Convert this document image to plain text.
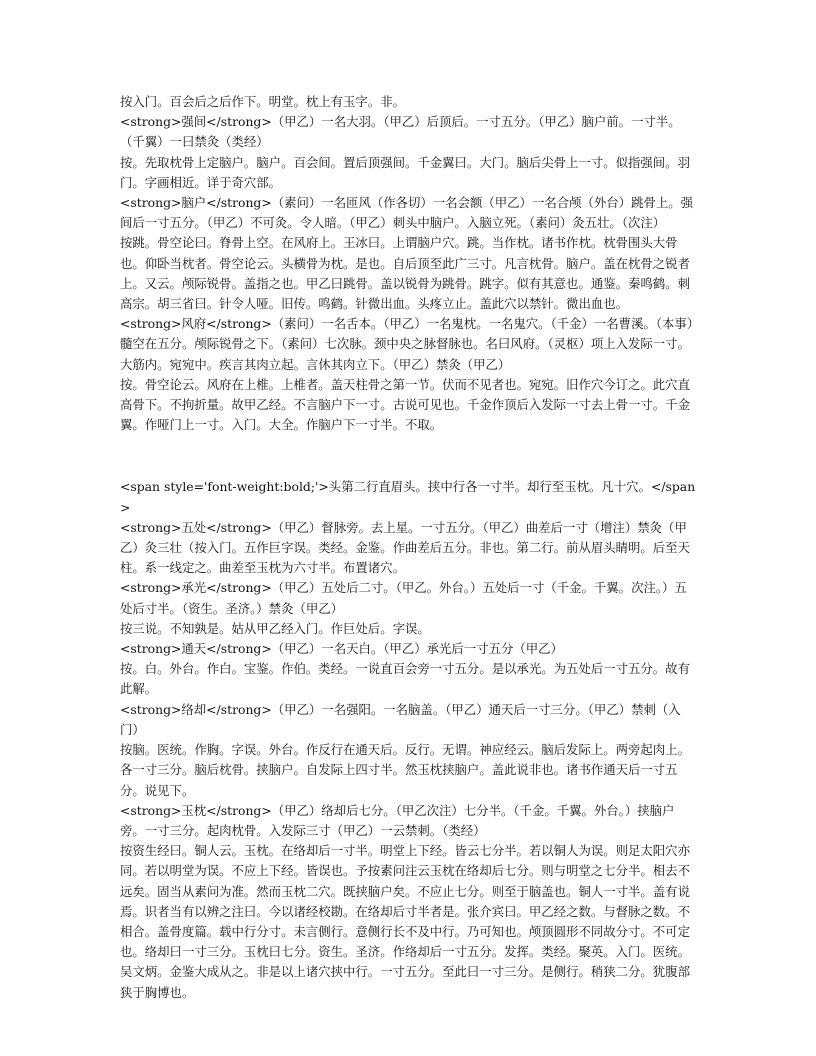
按入门。百会后之后作下。明堂。枕上有玉字。非。

<strong>强间</strong>（甲乙）一名大羽。（甲乙）后顶后。一寸五分。（甲乙）脑户前。一寸半。（千翼）一曰禁灸（类经）

按。先取枕骨上定脑户。脑户。百会间。置后顶强间。千金翼曰。大门。脑后尖骨上一寸。似指强间。羽门。字画相近。详于奇穴部。

<strong>脑户</strong>（素问）一名匝风（作各切）一名会额（甲乙）一名合颅（外台）跳骨上。强间后一寸五分。（甲乙）不可灸。令人暗。（甲乙）刺头中脑户。入脑立死。（素问）灸五壮。（次注）

按跳。骨空论曰。脊骨上空。在风府上。王冰曰。上谓脑户穴。跳。当作枕。诸书作枕。枕骨围头大骨也。仰卧当枕者。骨空论云。头横骨为枕。是也。自后顶至此广三寸。凡言枕骨。脑户。盖在枕骨之锐者上。又云。颅际锐骨。盖指之也。甲乙曰跳骨。盖以锐骨为跳骨。跳字。似有其意也。通鉴。秦鸣鹤。刺高宗。胡三省曰。针令人哑。旧传。鸣鹤。针微出血。头疼立止。盖此穴以禁针。微出血也。

<strong>风府</strong>（素问）一名舌本。（甲乙）一名鬼枕。一名鬼穴。（千金）一名曹溪。（本事）髓空在五分。颅际锐骨之下。（素问）七次脉。颈中央之脉督脉也。名曰风府。（灵枢）项上入发际一寸。大筋内。宛宛中。疾言其肉立起。言休其肉立下。（甲乙）禁灸（甲乙）

按。骨空论云。风府在上椎。上椎者。盖天柱骨之第一节。伏而不见者也。宛宛。旧作穴今订之。此穴直高骨下。不拘折量。故甲乙经。不言脑户下一寸。古说可见也。千金作顶后入发际一寸去上骨一寸。千金翼。作哑门上一寸。入门。大全。作脑户下一寸半。不取。

<span style='font-weight:bold;'>头第二行直眉头。挟中行各一寸半。却行至玉枕。凡十穴。</span>

<strong>五处</strong>（甲乙）督脉旁。去上星。一寸五分。（甲乙）曲差后一寸（增注）禁灸（甲乙）灸三壮（按入门。五作巨字误。类经。金鉴。作曲差后五分。非也。第二行。前从眉头睛明。后至天柱。系一线定之。曲差至玉枕为六寸半。布置诸穴。

<strong>承光</strong>（甲乙）五处后二寸。（甲乙。外台。）五处后一寸（千金。千翼。次注。）五处后寸半。（资生。圣济。）禁灸（甲乙）

按三说。不知孰是。姑从甲乙经入门。作巨处后。字误。

<strong>通天</strong>（甲乙）一名天白。（甲乙）承光后一寸五分（甲乙）

按。白。外台。作白。宝鉴。作伯。类经。一说直百会旁一寸五分。是以承光。为五处后一寸五分。故有此解。

<strong>络却</strong>（甲乙）一名强阳。一名脑盖。（甲乙）通天后一寸三分。（甲乙）禁刺（入门）

按脑。医统。作胸。字误。外台。作反行在通天后。反行。无谓。神应经云。脑后发际上。两旁起肉上。各一寸三分。脑后枕骨。挟脑户。自发际上四寸半。然玉枕挟脑户。盖此说非也。诸书作通天后一寸五分。说见下。

<strong>玉枕</strong>（甲乙）络却后七分。（甲乙次注）七分半。（千金。千翼。外台。）挟脑户旁。一寸三分。起肉枕骨。入发际三寸（甲乙）一云禁刺。（类经）

按资生经曰。铜人云。玉枕。在络却后一寸半。明堂上下经。皆云七分半。若以铜人为误。则足太阳穴亦同。若以明堂为误。不应上下经。皆误也。予按素问注云玉枕在络却后七分。则与明堂之七分半。相去不远矣。固当从素问为准。然而玉枕二穴。既挟脑户矣。不应止七分。则至于脑盖也。铜人一寸半。盖有说焉。识者当有以辨之注曰。今以诸经校勘。在络却后寸半者是。张介宾曰。甲乙经之数。与督脉之数。不相合。盖骨度篇。载中行分寸。未言侧行。意侧行长不及中行。乃可知也。颅顶圆形不同故分寸。不可定也。络却曰一寸三分。玉枕曰七分。资生。圣济。作络却后一寸五分。发挥。类经。聚英。入门。医统。吴文炳。金鉴大成从之。非是以上诸穴挟中行。一寸五分。至此曰一寸三分。是侧行。稍狭二分。犹腹部狭于胸博也。
